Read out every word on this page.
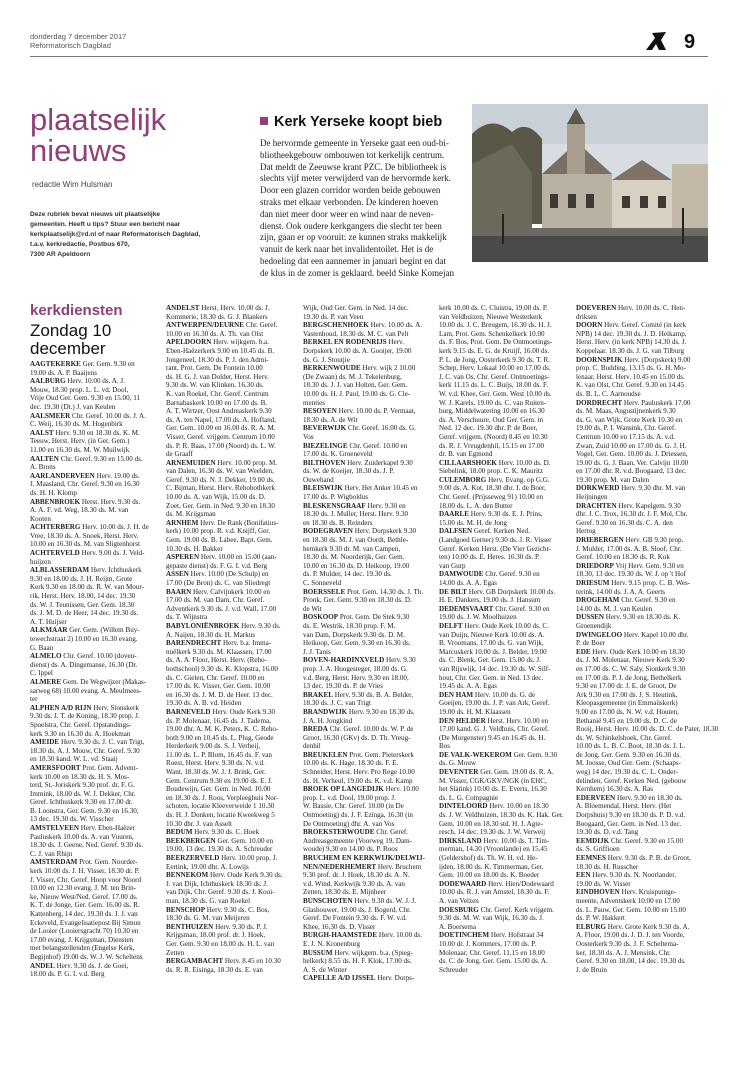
donderdag 7 december 2017
Reformatorisch Dagblad	9
plaatselijk
nieuws
redactie Wim Hulsman
Deze rubriek bevat nieuws uit plaatselijke
gemeenten. Heeft u tips? Stuur een bericht naar
kerkplaatselijk@rd.nl of naar Reformatorisch Dagblad,
t.a.v. kerkredactie, Postbus 670,
7300 AR Apeldoorn
Kerk Yerseke koopt bieb
De hervormde gemeente in Yerseke gaat een oud-bi-
bliotheekgebouw ombouwen tot kerkelijk centrum.
Dat meldt de Zeeuwse krant PZC. De bibliotheek is
slechts vijf meter verwijderd van de hervormde kerk.
Door een glazen corridor worden beide gebouwen
straks met elkaar verbonden. De kinderen hoeven
dan niet meer door weer en wind naar de neven-
dienst. Ook oudere kerkgangers die slecht ter been
zijn, gaan er op vooruit: ze kunnen straks makkelijk
vanuit de kerk naar het invalidentoilet. Het is de
bedoeling dat een aannemer in januari begint en dat
de klus in de zomer is geklaard. beeld Sinke Komejan
kerkdiensten
Zondag 10
december
AAGTEKERKE Ger. Gem. 9.30 en
19.00 ds. A. P. Baaijens
AALBURG Herv. 10.00 ds. A. J.
Mouw, 18.30 prop. L. L. vd. Dool,
Vrije Oud Ger. Gem. 9.30 en 15.00, 11
dec. 19.30 (Dt.) J. van Keulen
AALSMEER Chr. Geref. 10.00 ds. J. A.
C. Weij, 16.30 ds. M. Hogenbirk
AALST Herv. 9.30 en 18.30 ds. K. M.
Teeuw, Herst. Herv. (in Ger. Gem.)
11.00 en 16.30 ds. M. W. Muilwijk
AALTEN Chr. Geref. 9.30 en 15.00 ds.
A. Brons
AARLANDERVEEN Herv. 19.00 ds.
J. Maasland, Chr. Geref. 9.30 en 16.30
ds. H. H. Klomp
ABBENBROEK Herst. Herv. 9.30 ds.
A. A. F. vd. Weg, 18.30 ds. M. van
Kooten
ACHTERBERG Herv. 10.00 ds. J. H. de
Vree, 18.30 ds. A. Snoek, Herst. Herv.
10.00 en 16.30 ds. M. van Sligtenhorst
ACHTERVELD Herv. 9.00 ds. J. Veld-
huijzen
ALBLASSERDAM Herv. Ichthuskerk
9.30 en 18.00 ds. J. H. Reijm, Grote
Kerk 9.30 en 18.00 ds. R. W. van Mour-
rik, Herst. Herv. 18.00, 14 dec. 19.30
ds. W. J. Teunissen, Ger. Gem. 18.30
ds. J. M. D. de Heer, 14 dec. 19.30 ds.
A. T. Huijser
ALKMAAR Ger. Gem. (Willem Buy-
tewechstraat 2) 10.00 en 16.30 evang.
G. Baan
ALMELO Chr. Geref. 10.00 (doven-
dienst) ds. A. Dingemanse, 16.30 (Dr.
C. Ippel
ALMERE Gem. De Wegwijzer (Makas-
sarweg 68) 10.00 evang. A. Meulmees-
ter
ALPHEN A/D RIJN Herv. Sionskerk
9.30 ds. J. T. de Koning, 18.30 prop. J.
Spoelstra, Chr. Geref. Opstandings-
kerk 9.30 en 16.30 ds. A. Hoekman
AMEIDE Herv. 9.30 ds. J. C. van Trigt,
18.30 ds. A. J. Mouw, Chr. Geref. 9.30
en 18.30 kand. W. L. vd. Staaij
AMERSFOORT Prot. Gem. Advent-
kerk 10.00 en 18.30 ds. H. S. Mos-
terd, St.-Joriskerk 9.30 prof. dr. F. G.
Immink, 18.00 ds. W. J. Dekker, Chr.
Geref. Ichthuskerk 9.30 en 17.00 dr.
B. Loonstra, Ger. Gem. 9.30 en 16.30,
13 dec. 19.30 ds. W. Visscher
AMSTELVEEN Herv. Eben-Haëzer
Pauluskerk 10.00 ds. A. van Vuuren,
18.30 ds. J. Geene, Ned. Geref. 9.30 ds.
C. J. van Rhijn
AMSTERDAM Prot. Gem. Noorder-
kerk 10.00 ds. J. H. Visser, 18.30 dr. P.
J. Visser, Chr. Geref. Hoop voor Noord
10.00 en 12.30 evang. J. M. ten Brin-
ke, Nieuw West/Ned. Geref. 17.00 ds.
K. T. de Jonge, Ger. Gem. 16.00 ds. R.
Kattenberg, 14 dec. 19.30 ds. J. J. van
Eckeveld, Evangelisatiepost Bij Simon
de Looier (Looiersgracht 70) 10.30 en
17.00 evang. J. Krijgsman, Diensten
met belangstellenden (Engelse Kerk,
Begijnhof) 19.00 ds. W. J. W. Scheltens
ANDEL Herv. 9.30 ds. J. de Goei,
18.00 ds. P. G. I. v.d. Berg
ANDELST Herst. Herv. 10.00 ds. J.
Kommerie, 18.30 ds. G. J. Blankers
ANTWERPEN/DEURNE Chr. Geref.
10.00 en 16.30 ds. A. Th. van Olst
APELDOORN Herv. wijkgem. b.a.
Eben-Haëzerkerk 9.00 en 10.45 ds. B.
Jongeneel, 18.30 ds. P. J. den Admi-
rant, Prot. Gem. De Fontein 10.00
ds. H. G. J. van Dolder, Herst. Herv.
9.30 ds. W. van Klinken. 16.30 ds.
K. van Roekel, Chr. Geref. Centrum
Barnabaskerk 10.00 en 17.00 ds. B.
A. T. Wirtzer, Oost Andreaskerk 9.30
ds. A. ten Napel, 17.00 ds. A. Hofland,
Ger. Gem. 10.00 en 16.00 ds. R. A. M.
Visser, Geref. vrijgem. Centrum 10.00
ds. P. R. Baas, 17.00 (Noord) ds. L. W.
de Graaff
ARNEMUIDEN Herv. 10.00 prop. M.
van Dalen, 16.30 ds. W. van Weelden,
Geref. 9.30 ds. N. J. Dekker, 19.00 ds.
C. Bijman, Herst. Herv. Rehobothkerk
10.00 ds. A. van Wijk, 15.00 ds. D.
Zoet, Ger. Gem. in Ned. 9.30 en 18.30
ds. M. Krijgsman
ARNHEM Herv. De Rank (Bonifatius-
kerk) 10.00 prop. R. v.d. Knijff, Ger.
Gem. 19.00 ds. B. Labee, Bapt. Gem.
10.30 ds. H. Bakker
ASPEREN Herv. 10.00 en 15.00 (aan-
gepaste dienst) ds. F. G. I. v.d. Berg
ASSEN Herv. 10.00 (De Schulp) en
17.00 (De Bron) ds. C. van Sliedregt
BAARN Herv. Calvijnkerk 10.00 en
17.00 ds. M. van Dam, Chr. Geref.
Adventkerk 9.30 ds. J. v.d. Wall, 17.00
ds. T. Wijnstra
BABYLONIËNBROEK Herv. 9.30 ds.
A. Naijen, 18.30 ds. H. Markus
BARENDRECHT Herv. b.a. Imma-
nuëlkerk 9.30 ds. M. Klaassen, 17.00
ds. A. A. Floor, Herst. Herv. (Reho-
bothschool) 9.30 ds. K. Klopstra, 16.00
ds. C. Gielen, Chr. Geref. 10.00 en
17.00 ds. K. Visser, Ger. Gem. 10.00
en 16.30 ds. J. M. D. de Heer. 13 dec.
19.30 ds. A. B. vd. Heiden
BARNEVELD Herv. Oude Kerk 9.30
ds. P. Molenaar, 16.45 ds. J. Tadema,
19.00 dhr. A. M. K. Peters, K. C. Reho-
both 9.00 en 10.45 ds. L. Plug, Geode
Herderkerk 9.00 ds. S. J. Verheij,
11.00 ds. L. P. Blom, 16.45 ds. F. van
Roest, Herst. Herv. 9.30 ds. N. v.d.
Want, 18.30 ds. W. J. J. Brink, Ger.
Gem. Centrum 9.30 en 19.00 ds. E. J.
Boudewijn, Ger. Gem. in Ned. 10.00
en 18.30 ds. J. Roos, Verpleeghuis Nor-
schoten, locatie Kleeverweide 1 10.30
ds. H. J. Donken, locatie Kweekweg 5
10.30 dhr. J. van Asselt
BEDUM Herv. 9.30 ds. C. Hoek
BEEKBERGEN Ger. Gem. 10.00 en
19.00, 13 dec. 19.30 ds. A. Schreuder
BEERZERVELD Herv. 10.00 prop. J.
Eertink, 19.00 dhr. A. Lowijs
BENNEKOM Herv. Oude Kerk 9.30 ds.
J. van Dijk, Ichthuskerk 18.30 ds. J.
van Dijk, Chr. Geref. 9.30 ds. J. Kooi-
man, 18.30 ds. G. van Roekel
BENSCHOP Herv. 9.30 ds. C. Bos,
18.30 ds. G. M. van Meijeren
BENTHUIZEN Herv. 9.30 ds. P. J.
Krijgsman, 18.00 prof. dr. J. Hoek,
Ger. Gem. 9.30 en 18.00 ds. H. L. van
Zetten
BERGAMBACHT Herv. 8.45 en 10.30
ds. R. R. Eisinga, 18.30 ds. E. van
Wijk, Oud Ger. Gem. in Ned. 14 dec.
19.30 ds. P. van Veen
BERGSCHENHOEK Herv. 10.00 ds. A.
Vastenhoud, 18.30 ds. M. C. van Pelt
BERKEL EN RODENRIJS Herv.
Dorpskerk 10.00 ds. A. Gooijer, 19.00
ds. G. J. Stoutjie
BERKENWOUDE Herv. wijk 2 10.00
(De Zwaan) ds. M. J. Tekelenburg,
18.30 ds. J. J. van Holten, Ger. Gem.
10.00 ds. H. J. Paul, 19.00 ds. G. Cle-
menties
BESOYEN Herv. 10.00 ds. P. Vermaat,
18.30 ds. A. de Wit
BEVERWIJK Chr. Geref. 16.00 ds. G.
Vos
BIEZELINGE Chr. Geref. 10.00 en
17.00 ds. K. Groeneveld
BILTHOVEN Herv. Zuiderkapel 9.30
ds. W. de Koeijer, 18.30 ds. J. P.
Ouwehand
BLEISWIJK Herv. Het Anker 10.45 en
17.00 ds. P. Wigboldus
BLESKENSGRAAF Herv. 9.30 en
18.30 ds. J. Muller, Herst. Herv. 9.30
en 18.30 ds. B. Reinders
BODEGRAVEN Herv. Dorpskerk 9.30
en 18.30 ds. M. J. van Oordt, Bethle-
hemkerk 9.30 dr. M. van Campen,
18.30 ds. M. Noorderijk, Ger. Gem.
10.00 en 16.30 ds. D. Heikoop, 19.00
ds. P. Mulder, 14 dec. 19.30 ds.
C. Sonneveld
BOERSSELE Prot. Gem. 14.30 ds. J. Th.
Pronk, Ger. Gem. 9.30 en 18.30 ds. D.
de Wit
BOSKOOP Prot. Gem. De Stek 9.30
ds. E. Westrik, 18.30 prop. F. M.
van Dam, Dorpskerk 9.30 ds. D. M.
Heikoop, Ger. Gem. 9.30 en 16.30 ds.
J. J. Tanis
BOVEN-HARDINXVELD Herv. 9.30
prop. J. A. Hoogesteger, 18.00 ds. G.
v.d. Berg, Herst. Herv. 9.30 en 18.00,
13 dec. 19.30 ds. P. de Vries
BRAKEL Herv. 9.30 ds. B. A. Belder,
18.30 ds. J. C. van Trigt
BRANDWIJK Herv. 9.30 en 18.30 ds.
J. A. H. Jongkind
BREDA Chr. Geref. 10.00 ds. W. P. de
Groot, 16.30 (GKv) ds. D. Th. Vreug-
denhil
BREUKELEN Prot. Gem. Pieterskerk
10.00 ds. K. Hage. 18.30 ds. F. E.
Schneider, Herst. Herv. Pro Rege 10.00
ds. H. Verheul, 19.00 ds. K. v.d. Kamp
BROEK OP LANGEDIJK Herv. 10.00
prop. L. v.d. Dool, 19.00 prop. J.
W. Bassie, Chr. Geref. 10.00 (in De
Ontmoeting) ds. J. F. Ezinga, 16.30 (in
De Ontmoeting) dhr. A. van Vos
BROEKSTERWOUDE Chr. Geref.
Andreasgemeente (Voorweg 19, Dam-
woude) 9.30 en 14.00 ds. P. Roos
BRUCHEM EN KERKWIJK/DELWIJ-
NEN/NEDERHEMERT Herv. Bruchem
9.30 prof. dr. J. Hoek, 18.30 ds. A. N.
v.d. Wind, Kerkwijk 9.30 ds. A. van
Zetten, 18.30 ds. E. Mijnheer
BUNSCHOTEN Herv. 9.30 ds. W. J. J.
Glashouwer, 19.00 ds. J. Bogerd, Chr.
Geref. De Fontein 9.30 ds. F. W. v.d.
Khee, 16.30 ds. D. Visser
BURGH-HAAMSTEDE Herv. 10.00 ds.
E. J. N. Kronenburg
BUSSUM Herv. wijkgem. b.a. (Spieg-
helkerk) 8.55 ds. H. F. Klok, 17.00 ds.
A. S. de Winter
CAPELLE A/D IJSSEL Herv. Dorps-
kerk 10.00 ds. C. Cluistra, 19.00 ds. P.
van Veldhuizen, Nieuwe Westerkerk
10.00 ds. J. C. Breugem, 16.30 ds. H. J.
Lam, Prot. Gem. Schenkelkerk 10.00
ds. F. Bos, Prot. Gem. De Ontmoetings-
kerk 9.15 ds. E. G. de Kruijf, 16.00 ds.
P. L. de Jong, Oosterkerk 9.30 ds. T. R.
Schep, Herv. Lokaal 10.00 en 17.00 ds.
J. C. van Os, Chr. Geref. Ontmoetings-
kerk 11.15 ds. L. C. Buijs, 18.00 ds. F.
W. v.d. Khee, Ger. Gem. West 10.00 ds.
W. J. Karels, 19.00 ds. C. van Ruiten-
burg, Middelwatering 10.00 en 16.30
ds. A. Verschuure, Oud Ger. Gem. in
Ned. 12 dec. 19.30 dhr. P. de Boer,
Geref. vrijgem. (Noord) 8.45 en 10.30
ds. R. J. Vreugdenhil, 15.15 en 17.00
dr. B. van Egmond
CILLAARSHOEK Herv. 10.00 ds. D.
Siebelink, 18.00 prop. C. K. Mauritz
CULEMBORG Herv. Evang. op G.G.
9.00 ds. A. Kot, 18.30 dhr. J. de Boer,
Chr. Geref. (Prijsseweg 91) 10.00 en
18.00 ds. L. A. den Butter
DAARLE Herv. 9.30 ds. E. J. Prins,
15.00 ds. M. H. de Jong
DALFSEN Geref. Kerken Ned.
(Landgoed Gerner) 9.30 ds. J. R. Visser
Geref. Kerken Herst. (De Vier Gezicht-
ten) 10.00 ds. E. Heres. 16.30 ds. P.
van Gurp
DAMWOUDE Chr. Geref. 9.30 en
14.00 ds. A. A. Egas
DE BILT Herv. GB Dorpskerk 10.00 ds.
H. E. Dankers, 19.00 ds. J. Hansum
DEDEMSVAART Chr. Geref. 9.30 en
19.00 ds. J. W. Moolhuizen
DELFT Herv. Oude Kerk 10.00 ds. C.
van Duijn, Nieuwe Kerk 10.00 ds. A.
B. Vroomans, 17.00 ds. G. van Wijk,
Marcuskerk 10.00 ds. J. Belder, 19.00
ds. C. Blenk, Ger. Gem. 15.00 ds. J.
van Rijswijk, 14 dec. 19.30 ds. W. Silf-
hout, Chr. Ger. Gem. in Ned. 13 dec.
19.45 ds. A. A. Egas
DEN HAM Herv. 10.00 ds. G. de
Goeijen, 19.00 ds. J. P. van Ark, Geref.
19.00 ds. H. M. Klaassen
DEN HELDER Herst. Herv. 10.00 en
17.00 kand. G. J. Veldhuis, Chr. Geref.
(De Morgenster) 9.45 en 16.45 ds. H.
Bos
DE VALK-WEKEROM Ger. Gem. 9.30
ds. G. Mouw
DEVENTER Ger. Gem. 19.00 ds. R. A.
M. Visser, CGK/GKV/NGK (in EHC,
het Slatink) 10.00 ds. E. Everts, 16.30
ds. L. G. Compagnie
DINTELOORD Herv. 10.00 en 18.30
ds. J. W. Veldhuizen, 18.30 ds. K. Hak. Ger.
Gem. 10.00 en 18.30 std. H. J. Agte-
resch, 14 dec. 19.30 ds. J. W. Verweij
DIRKSLAND Herv. 10.00 ds. T. Tim-
merman, 14.30 (Vroonlande) en 15.45
(Geldershof) ds. Th. W. H. vd. He-
ijden, 18.00 ds. K. Timmerman, Ger.
Gem. 10.00 en 18.00 ds. K. Boeder
DODEWAARD Herv. Hien/Dodewaard
10.00 ds. R. J. van Amstel, 18.30 ds. F.
A. van Velzen
DOESBURG Chr. Geref. Kerk vrijgem.
9.30 ds. M. W. van Wijk, 16.30 ds. J.
A. Boersema
DOETINCHEM Herv. Hofstraat 34
10.00 dr. J. Kommers, 17.00 ds. P.
Molenaar, Chr. Geref. 11.15 en 18.00
ds. C. de Jong, Ger. Gem. 15.00 ds. A.
Schreuder
DOEVEREN Herv. 10.00 ds. C. Hen-
driksen
DOORN Herv. Geref. Comité (in kerk
NPB) 14 dec. 19.30 ds. J. D. Heikamp,
Herst. Herv. (in kerk NPB) 14.30 ds. J.
Koppelaar. 18.30 ds. J. G. van Tilburg
DOORNSPIJK Herv. (Dorpskerk) 9.00
prop. C. Budding, 13.15 ds. G. H. Mo-
lenaar, Herst. Herv. 10.45 en 15.00 ds.
K. van Olst, Chr. Geref. 9.30 en 14.45
ds. B. L. C. Aarnoudse
DORDRECHT Herv. Pauluskerk 17.00
ds. M. Maas, Augustijnenkerk 9.30
ds. G. van Wijk, Grote Kerk 10.30 en
19.00 ds. P. I. Wansink, Chr. Geref.
Centrum 10.00 en 17.15 ds. A. v.d.
Zwan, Zuid 10.00 en 17.00 ds. G. J. H.
Vogel, Ger. Gem. 10.00 ds. J. Driessen,
19.00 ds. G. J. Baan, Ver. Calvijn 10.00
en 17.00 dhr. R. v.d. Boogaard, 13 dec.
19.30 prop. M. van Dalen
DORKWERD Herv. 9.30 dhr. M. van
Heijningen
DRACHTEN Herv. Kapelgem. 9.30
dhr. J. C. Trox, 16.30 dr. J. F. Mol, Chr.
Geref. 9.30 en 16.30 ds. C. A. den
Hertog
DRIEBERGEN Herv. GB 9.30 prop.
J. Mulder, 17.00 ds. A. B. Sloof, Chr.
Geref. 10.00 en 18.30 ds. R. Kok
DRIEDORP Vrij Herv. Gem. 9.30 en
18.30, 13 dec. 19.30 ds. W. J. op 't Hof
DRIESUM Herv. 9.15 prop. C. B. Wes-
terink, 14.00 ds. J. A. A. Geerts
DROGEHAM Chr. Geref. 9.30 en
14.00 ds. M. J. van Keulen
DUSSEN Herv. 9.30 en 18.30 ds. K.
Groenendijk
DWINGELOO Herv. Kapel 10.00 dhr.
P. de Boer
EDE Herv. Oude Kerk 10.00 en 18.30
ds. J. M. Molenaar, Nieuwe Kerk 9.30
en 17.00 ds. C. W. Saly, Sionkerk 9.30
en 17.00 ds. P. J. de Jong, Bethelkerk
9.30 en 17.00 dr. J. E. de Groot, De
Ark 9.30 en 17.00 ds. J. S. Heutink,
Kleopasgemeente (in Emmaüskerk)
9.00 en 17.00 ds. N. W. v.d. Houten,
Bethanië 9.45 en 19.00 ds. D. C. de
Rooij, Herst. Herv. 10.00 ds. D. C. de Pater, 18.30
ds. W. Schinkelshoek, Chr. Geref.
10.00 ds. L. B. C. Boot, 18.30 ds. J. L.
de Jong, Ger. Gem. 9.30 en 16.30 ds.
M. Joosse, Oud Ger. Gem. (Schaaps-
weg) 14 dec. 19.30 ds. C. L. Onder-
delinden, Geref. Kerken Ned. (gebouw
Kernhem) 16.30 ds. A. Ras
EDERVEEN Herv. 9.30 en 18.30 ds.
A. Bloemendal, Herst. Herv. (Het
Dorpshuis) 9.30 en 18.30 ds. P. D. v.d.
Boogaard, Ger. Gem. in Ned. 13 dec.
19.30 ds. D. v.d. Tang
EEMDIJK Chr. Geref. 9.30 en 15.00
ds. S. Griffioen
EEMNES Herv. 9.30 ds. P. B. de Groot,
18.30 ds. H. Russcher
EEN Herv. 9.30 ds. N. Noorlander,
19.00 ds. W. Visser
EINDHOVEN Herv. Kruispuntge-
meente, Adventskerk 10.00 en 17.00
ds. L. Pauw, Ger. Gem. 10.00 en 15.00
ds. P. W. Hakkert
ELBURG Herv. Grote Kerk 9.30 ds. A.
A. Floor, 19.00 ds. J. D. J. ten Voorde,
Oosterkerk 9.30 ds. J. F. Scheltema-
ker, 18.30 ds. A. J. Mensink, Chr.
Geref. 9.30 en 18.00, 14 dec. 19.30 ds.
J. de Bruin
